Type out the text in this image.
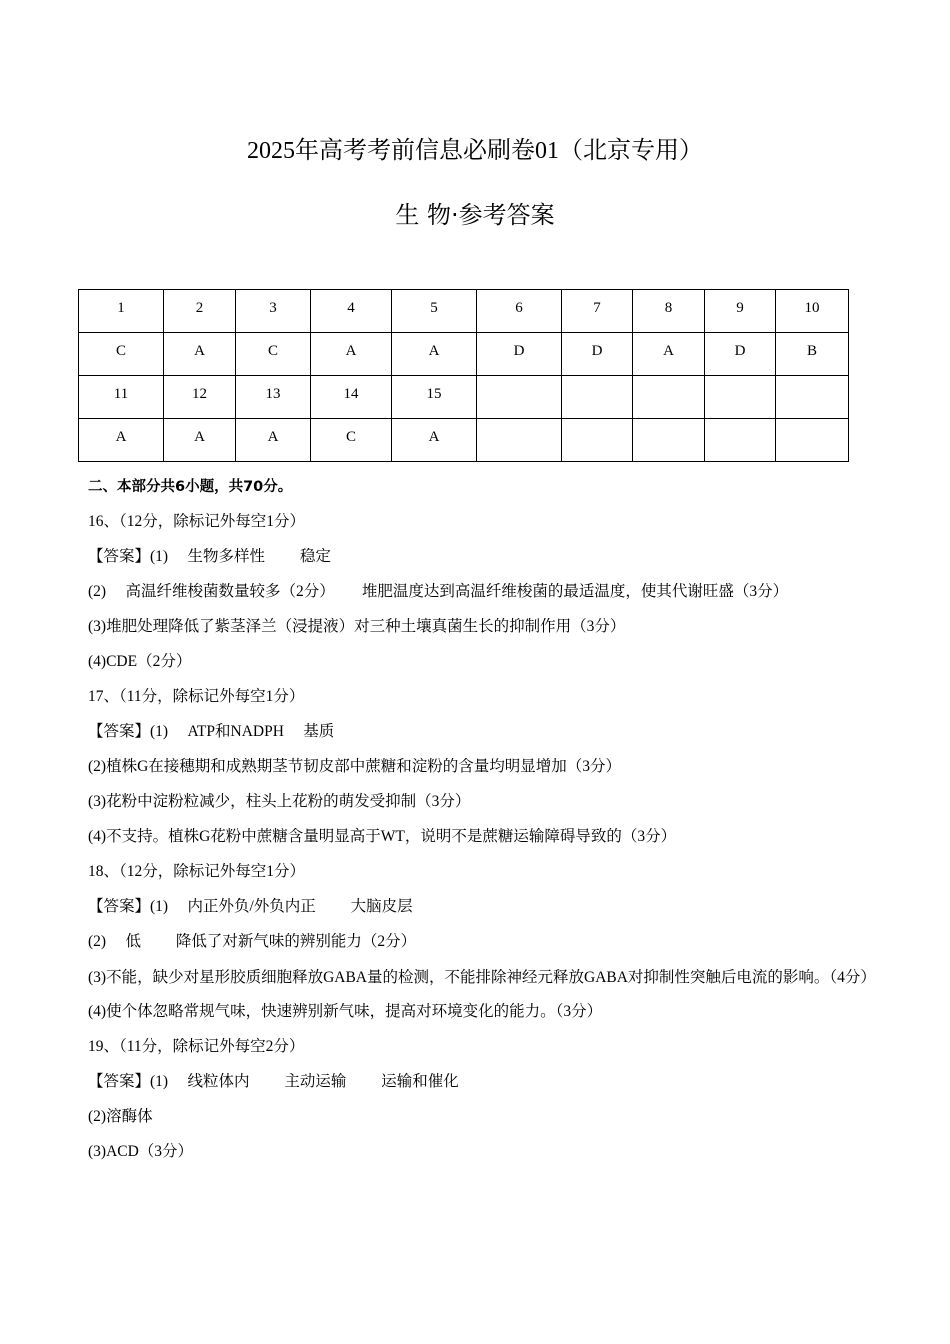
2025年高考考前信息必刷卷01（北京专用）
生 物·参考答案
1	2	3	4	5	6	7	8	9	10
C	A	C	A	A	D	D	A	D	B
11	12	13	14	15					
A	A	A	C	A					
二、本部分共6小题，共70分。
16、（12分，除标记外每空1分）
【答案】(1)　 生物多样性　　 稳定
(2)　 高温纤维梭菌数量较多（2分）　　 堆肥温度达到高温纤维梭菌的最适温度，使其代谢旺盛（3分）
(3)堆肥处理降低了紫茎泽兰（浸提液）对三种土壤真菌生长的抑制作用（3分）
(4)CDE（2分）
17、（11分，除标记外每空1分）
【答案】(1)　 ATP和NADPH　 基质
(2)植株G在接穗期和成熟期茎节韧皮部中蔗糖和淀粉的含量均明显增加（3分）
(3)花粉中淀粉粒减少，柱头上花粉的萌发受抑制（3分）
(4)不支持。植株G花粉中蔗糖含量明显高于WT，说明不是蔗糖运输障碍导致的（3分）
18、（12分，除标记外每空1分）
【答案】(1)　 内正外负/外负内正　　 大脑皮层
(2)　 低　　 降低了对新气味的辨别能力（2分）
(3)不能，缺少对星形胶质细胞释放GABA量的检测，不能排除神经元释放GABA对抑制性突触后电流的影响。（4分）
(4)使个体忽略常规气味，快速辨别新气味，提高对环境变化的能力。（3分）
19、（11分，除标记外每空2分）
【答案】(1)　 线粒体内　　 主动运输　　 运输和催化
(2)溶酶体
(3)ACD（3分）
